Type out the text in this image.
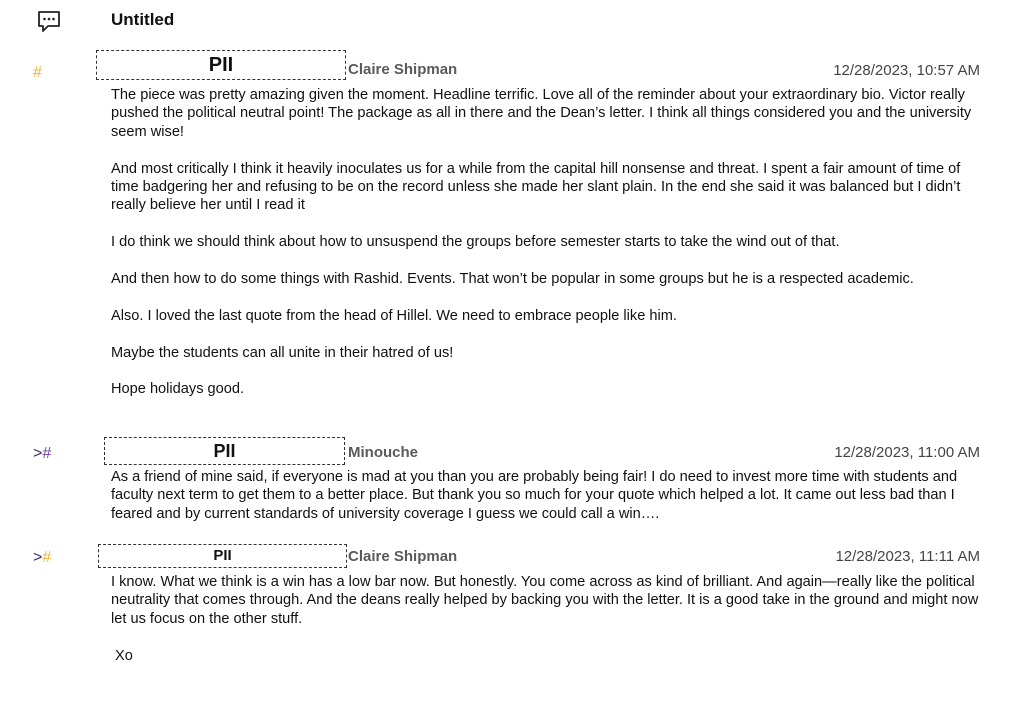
Untitled
#	PII	Claire Shipman	12/28/2023, 10:57 AM

The piece was pretty amazing given the moment. Headline terrific. Love all of the reminder about your extraordinary bio. Victor really pushed the political neutral point! The package as all in there and the Dean’s letter. I think all things considered you and the university seem wise!

And most critically I think it heavily inoculates us for a while from the capital hill nonsense and threat. I spent a fair amount of time of time badgering her and refusing to be on the record unless she made her slant plain. In the end she said it was balanced but I didn’t really believe her until I read it

I do think we should think about how to unsuspend the groups before semester starts to take the wind out of that.

And then how to do some things with Rashid. Events. That won’t be popular in some groups but he is a respected academic.

Also. I loved the last quote from the head of Hillel. We need to embrace people like him.

Maybe the students can all unite in their hatred of us!

Hope holidays good.

>#	PII	Minouche	12/28/2023, 11:00 AM

As a friend of mine said, if everyone is mad at you than you are probably being fair! I do need to invest more time with students and faculty next term to get them to a better place. But thank you so much for your quote which helped a lot. It came out less bad than I feared and by current standards of university coverage I guess we could call a win….

>#	PII	Claire Shipman	12/28/2023, 11:11 AM

I know. What we think is a win has a low bar now. But honestly. You come across as kind of brilliant. And again—really like the political neutrality that comes through. And the deans really helped by backing you with the letter. It is a good take in the ground and might now let us focus on the other stuff.

Xo
